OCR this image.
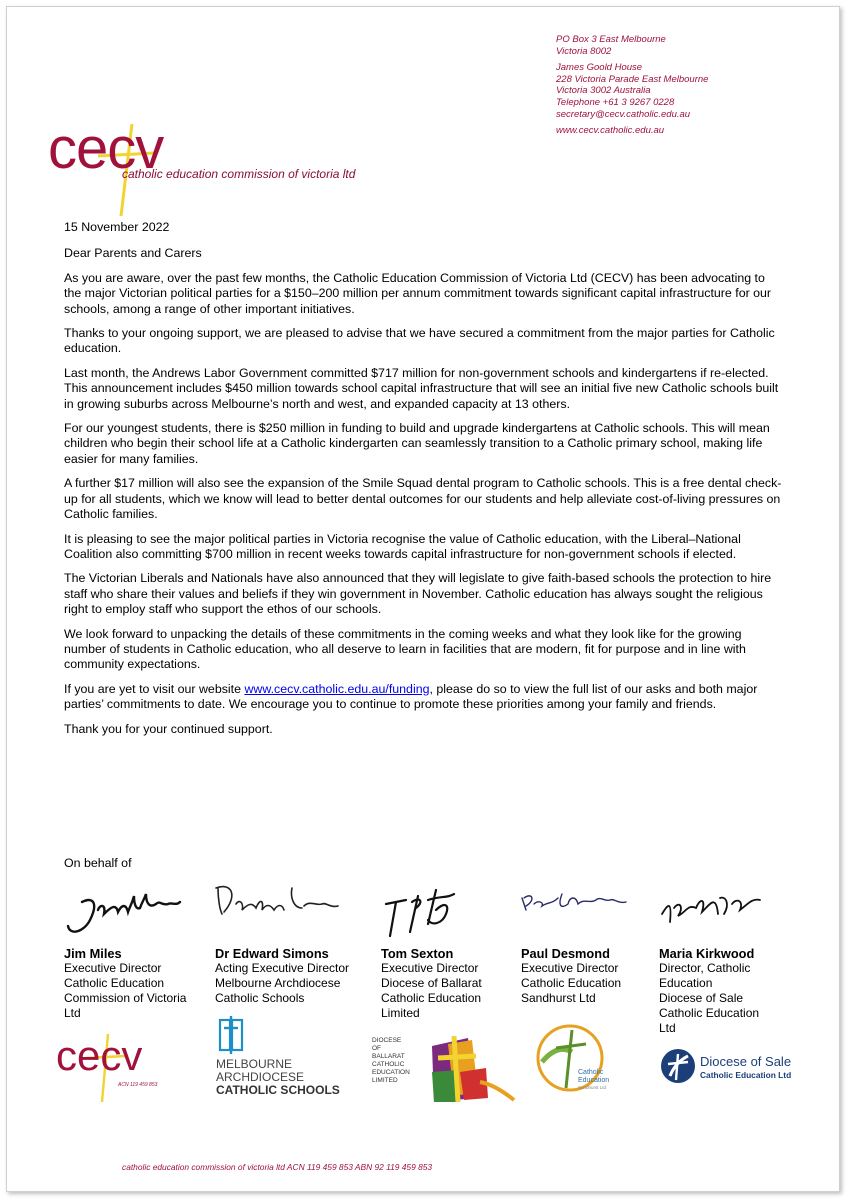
PO Box 3 East Melbourne
Victoria 8002
James Goold House
228 Victoria Parade East Melbourne
Victoria 3002 Australia
Telephone +61 3 9267 0228
secretary@cecv.catholic.edu.au
www.cecv.catholic.edu.au
cecv
catholic education commission of victoria ltd

15 November 2022

Dear Parents and Carers

As you are aware, over the past few months, the Catholic Education Commission of Victoria Ltd (CECV) has been advocating to the major Victorian political parties for a $150–200 million per annum commitment towards significant capital infrastructure for our schools, among a range of other important initiatives.

Thanks to your ongoing support, we are pleased to advise that we have secured a commitment from the major parties for Catholic education.

Last month, the Andrews Labor Government committed $717 million for non-government schools and kindergartens if re-elected. This announcement includes $450 million towards school capital infrastructure that will see an initial five new Catholic schools built in growing suburbs across Melbourne’s north and west, and expanded capacity at 13 others.

For our youngest students, there is $250 million in funding to build and upgrade kindergartens at Catholic schools. This will mean children who begin their school life at a Catholic kindergarten can seamlessly transition to a Catholic primary school, making life easier for many families.

A further $17 million will also see the expansion of the Smile Squad dental program to Catholic schools. This is a free dental check-up for all students, which we know will lead to better dental outcomes for our students and help alleviate cost-of-living pressures on Catholic families.

It is pleasing to see the major political parties in Victoria recognise the value of Catholic education, with the Liberal–National Coalition also committing $700 million in recent weeks towards capital infrastructure for non-government schools if elected.

The Victorian Liberals and Nationals have also announced that they will legislate to give faith-based schools the protection to hire staff who share their values and beliefs if they win government in November. Catholic education has always sought the religious right to employ staff who support the ethos of our schools.

We look forward to unpacking the details of these commitments in the coming weeks and what they look like for the growing number of students in Catholic education, who all deserve to learn in facilities that are modern, fit for purpose and in line with community expectations.

If you are yet to visit our website www.cecv.catholic.edu.au/funding, please do so to view the full list of our asks and both major parties’ commitments to date. We encourage you to continue to promote these priorities among your family and friends.

Thank you for your continued support.

On behalf of
Jim Miles
Executive Director
Catholic Education
Commission of Victoria
Ltd
Dr Edward Simons
Acting Executive Director
Melbourne Archdiocese
Catholic Schools
Tom Sexton
Executive Director
Diocese of Ballarat
Catholic Education
Limited
Paul Desmond
Executive Director
Catholic Education
Sandhurst Ltd
Maria Kirkwood
Director, Catholic
Education
Diocese of Sale
Catholic Education
Ltd
cecv
ACN 119 459 853
MELBOURNE
ARCHDIOCESE
CATHOLIC SCHOOLS
DIOCESE
OF
BALLARAT
CATHOLIC
EDUCATION
LIMITED
Catholic
Education
Sandhurst Ltd
Diocese of Sale
Catholic Education Ltd
catholic education commission of victoria ltd ACN 119 459 853 ABN 92 119 459 853
